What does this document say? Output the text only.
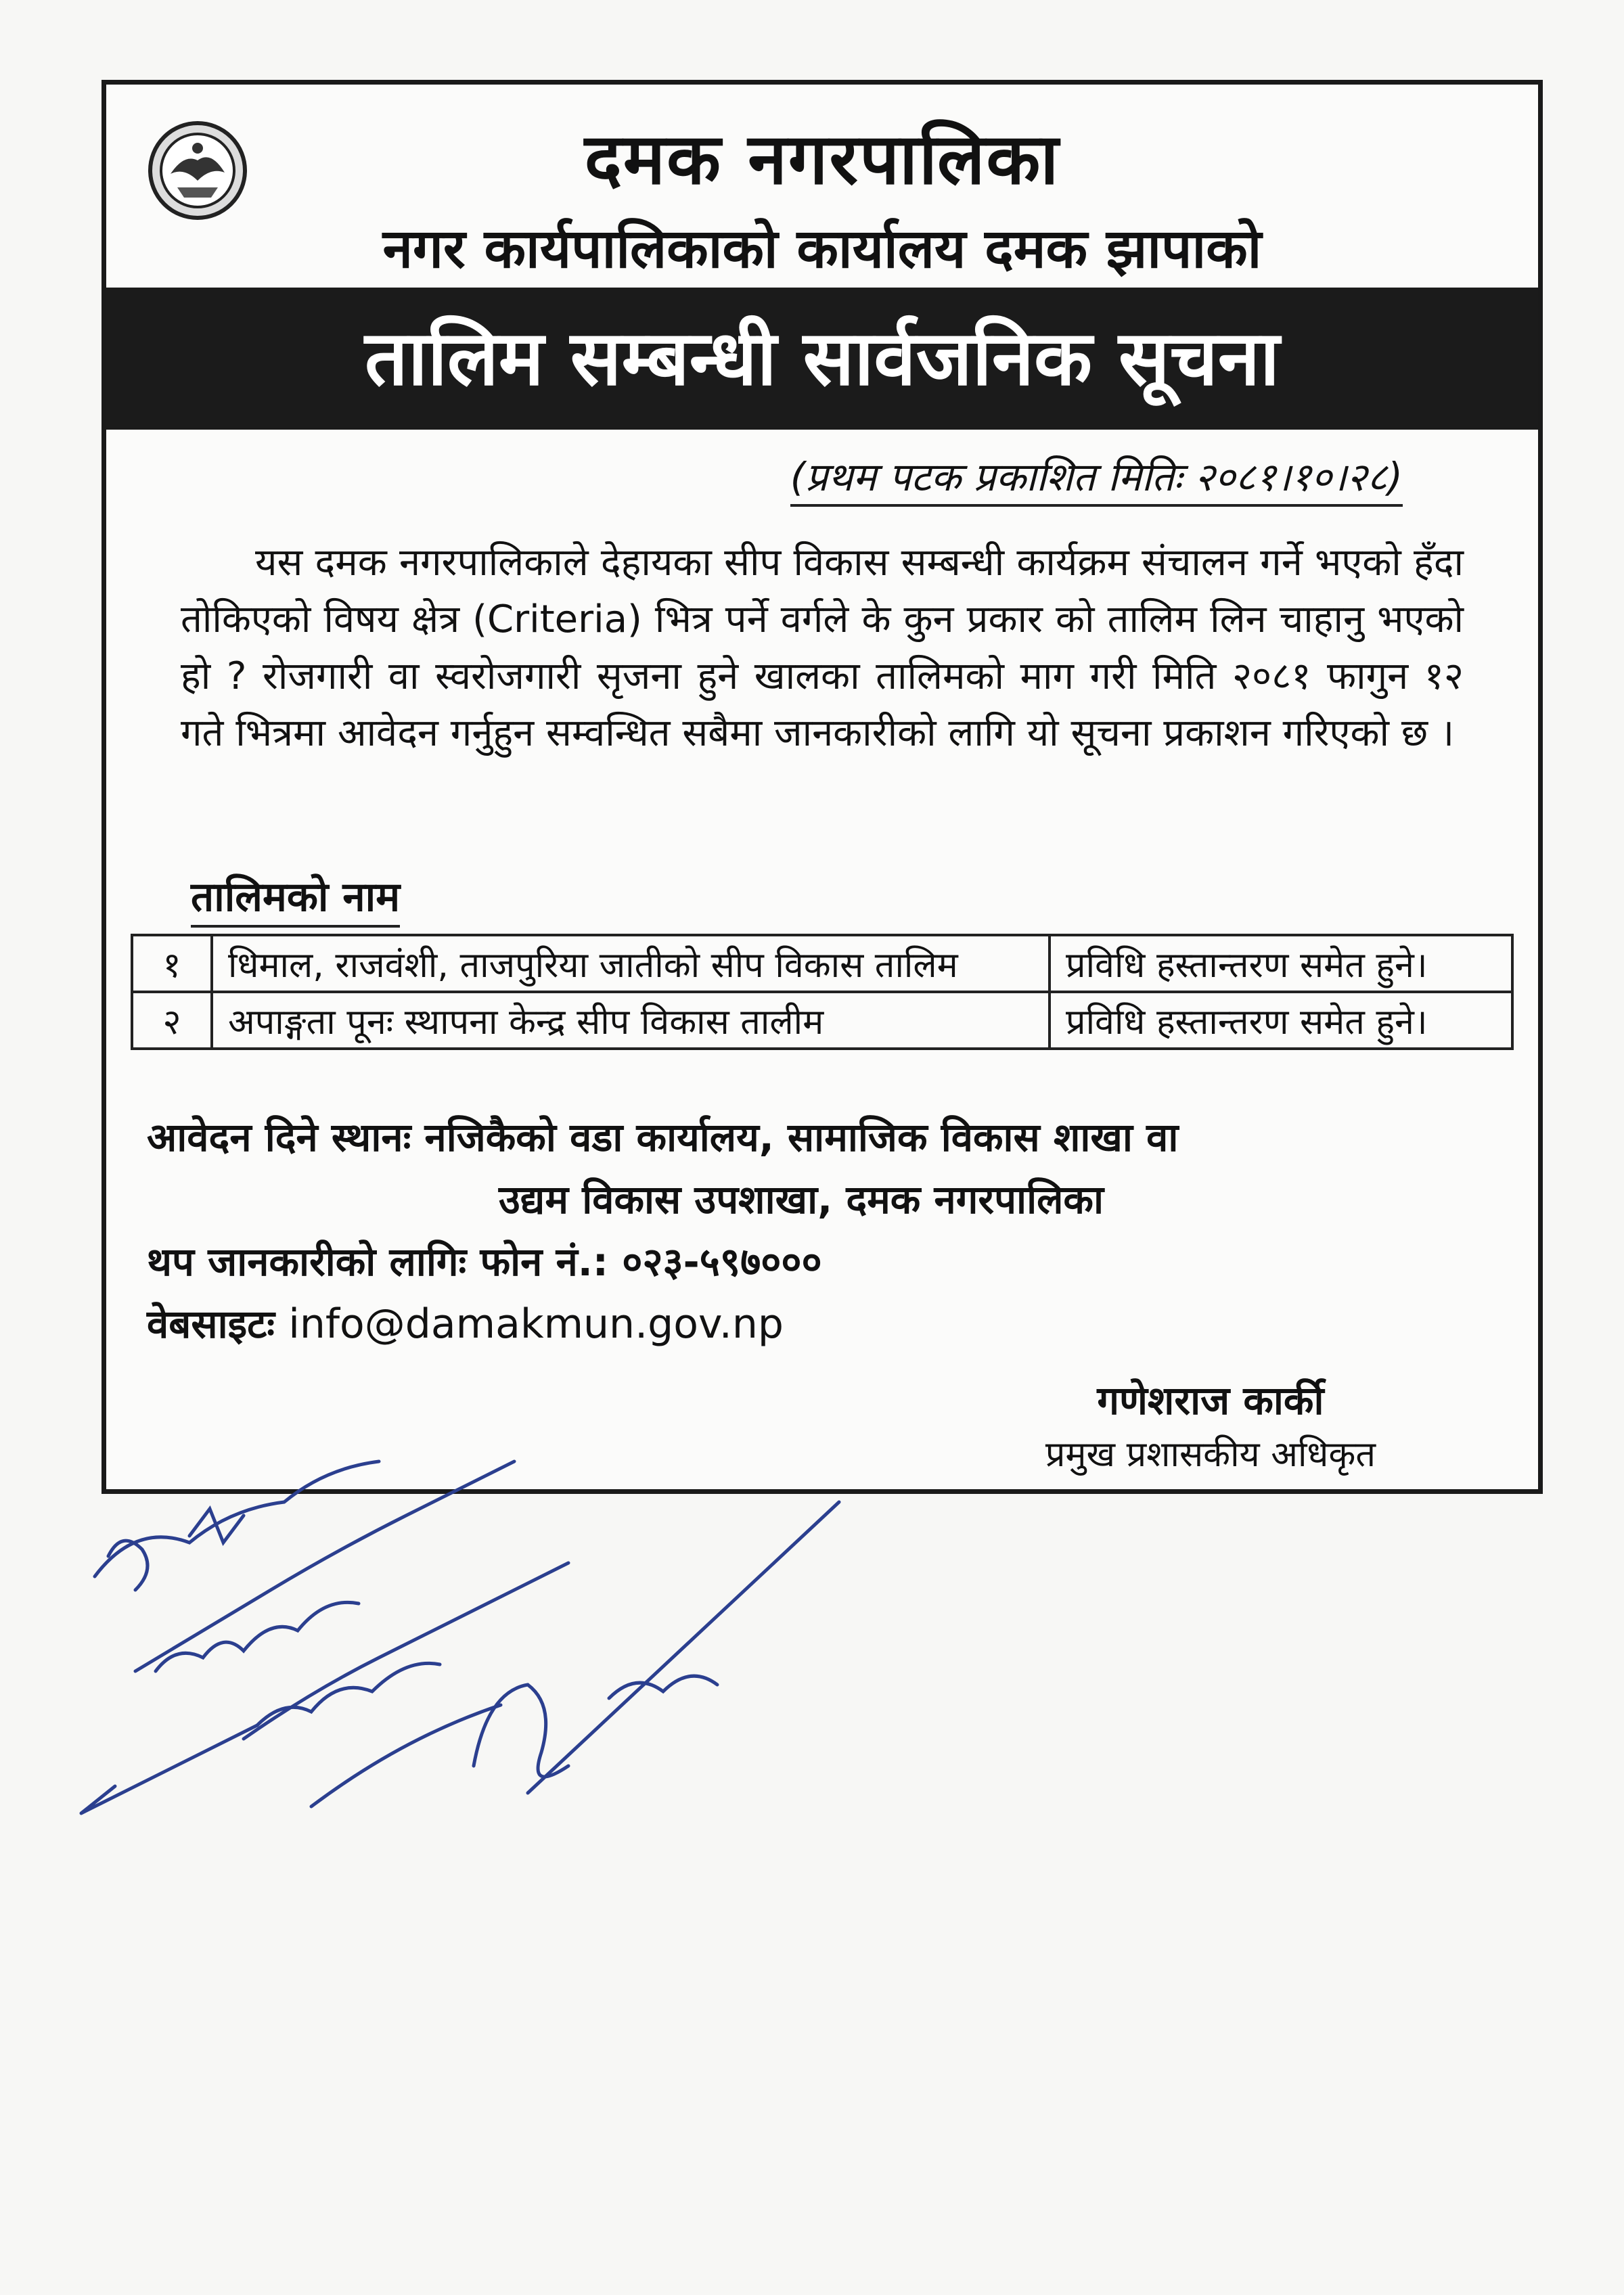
दमक नगरपालिका
नगर कार्यपालिकाको कार्यालय दमक झापाको
तालिम सम्बन्धी सार्वजनिक सूचना
(प्रथम पटक प्रकाशित मितिः २०८१।१०।२८)
यस दमक नगरपालिकाले देहायका सीप विकास सम्बन्धी कार्यक्रम संचालन गर्ने भएको हँदा तोकिएको विषय क्षेत्र (Criteria) भित्र पर्ने वर्गले के कुन प्रकार को तालिम लिन चाहानु भएको हो ? रोजगारी वा स्वरोजगारी सृजना हुने खालका तालिमको माग गरी मिति २०८१ फागुन १२ गते भित्रमा आवेदन गर्नुहुन सम्वन्धित सबैमा जानकारीको लागि यो सूचना प्रकाशन गरिएको छ ।
तालिमको नाम
१	धिमाल, राजवंशी, ताजपुरिया जातीको सीप विकास तालिम	प्रविधि हस्तान्तरण समेत हुने।
२	अपाङ्गता पूनः स्थापना केन्द्र सीप विकास तालीम	प्रविधि हस्तान्तरण समेत हुने।
आवेदन दिने स्थानः नजिकैको वडा कार्यालय, सामाजिक विकास शाखा वा
उद्यम विकास उपशाखा, दमक नगरपालिका
थप जानकारीको लागिः फोन नं.: ०२३-५९७०००
वेबसाइटः info@damakmun.gov.np
गणेशराज कार्की
प्रमुख प्रशासकीय अधिकृत
